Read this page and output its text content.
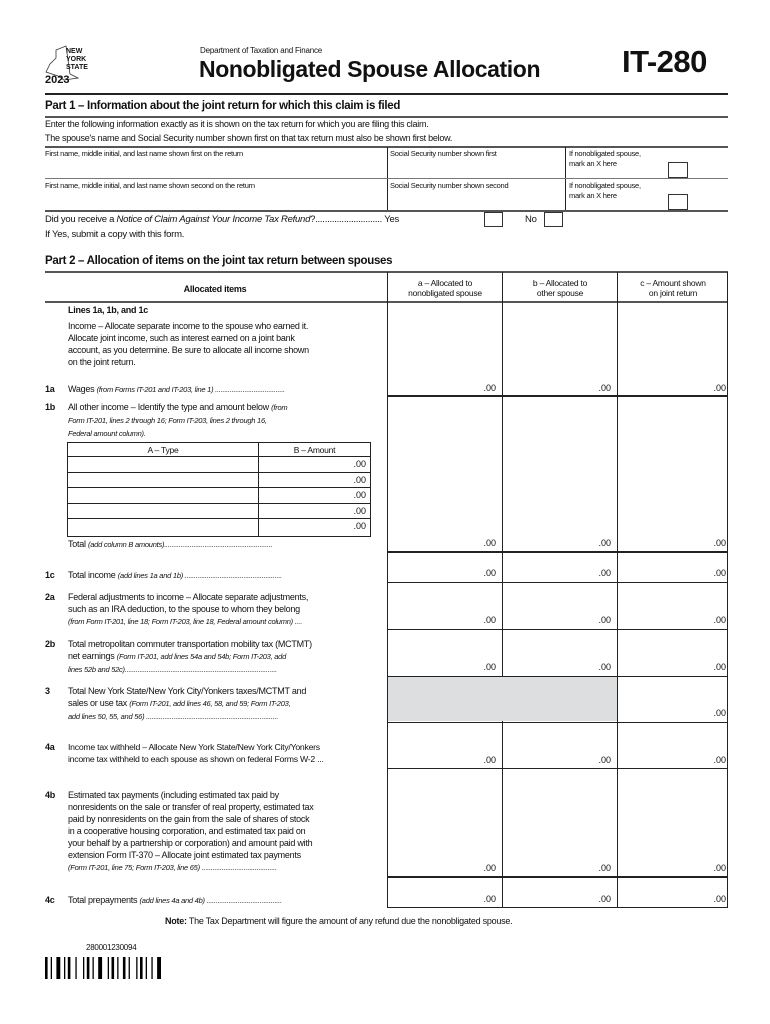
NEW
YORK
STATE
2023
Department of Taxation and Finance
Nonobligated Spouse Allocation	IT-280
Part 1 – Information about the joint return for which this claim is filed
Enter the following information exactly as it is shown on the tax return for which you are filing this claim.
The spouse's name and Social Security number shown first on that tax return must also be shown first below.
First name, middle initial, and last name shown first on the return	Social Security number shown first	If nonobligated spouse,
mark an X here
First name, middle initial, and last name shown second on the return	Social Security number shown second	If nonobligated spouse,
mark an X here
Did you receive a Notice of Claim Against Your Income Tax Refund?............................ Yes	No
If Yes, submit a copy with this form.
Part 2 – Allocation of items on the joint tax return between spouses
Allocated items
a – Allocated to
nonobligated spouse
b – Allocated to
other spouse
c – Amount shown
on joint return
Lines 1a, 1b, and 1c
Income – Allocate separate income to the spouse who earned it.
Allocate joint income, such as interest earned on a joint bank
account, as you determine. Be sure to allocate all income shown
on the joint return.
1a Wages (from Forms IT-201 and IT-203, line 1) ......................................	.00	.00	.00
1b All other income – Identify the type and amount below (from
Form IT-201, lines 2 through 16; Form IT-203, lines 2 through 16,
Federal amount column).
A – Type	B – Amount
.00
.00
.00
.00
.00
Total (add column B amounts)...........................................................	.00	.00	.00
1c Total income (add lines 1a and 1b) .....................................................	.00	.00	.00
2a Federal adjustments to income – Allocate separate adjustments,
such as an IRA deduction, to the spouse to whom they belong
(from Form IT-201, line 18; Form IT-203, line 18, Federal amount column) ....	.00	.00	.00
2b Total metropolitan commuter transportation mobility tax (MCTMT)
net earnings (Form IT-201, add lines 54a and 54b; Form IT-203, add
lines 52b and 52c)...................................................................................	.00	.00	.00
3 Total New York State/New York City/Yonkers taxes/MCTMT and
sales or use tax (Form IT-201, add lines 46, 58, and 59; Form IT-203,
add lines 50, 55, and 56) ........................................................................	.00
4a Income tax withheld – Allocate New York State/New York City/Yonkers
income tax withheld to each spouse as shown on federal Forms W-2 ...	.00	.00	.00
4b Estimated tax payments (including estimated tax paid by
nonresidents on the sale or transfer of real property, estimated tax
paid by nonresidents on the gain from the sale of shares of stock
in a cooperative housing corporation, and estimated tax paid on
your behalf by a partnership or corporation) and amount paid with
extension Form IT-370 – Allocate joint estimated tax payments
(Form IT-201, line 75; Form IT-203, line 65) .........................................	.00	.00	.00
4c Total prepayments (add lines 4a and 4b) .........................................	.00	.00	.00
Note: The Tax Department will figure the amount of any refund due the nonobligated spouse.
280001230094
